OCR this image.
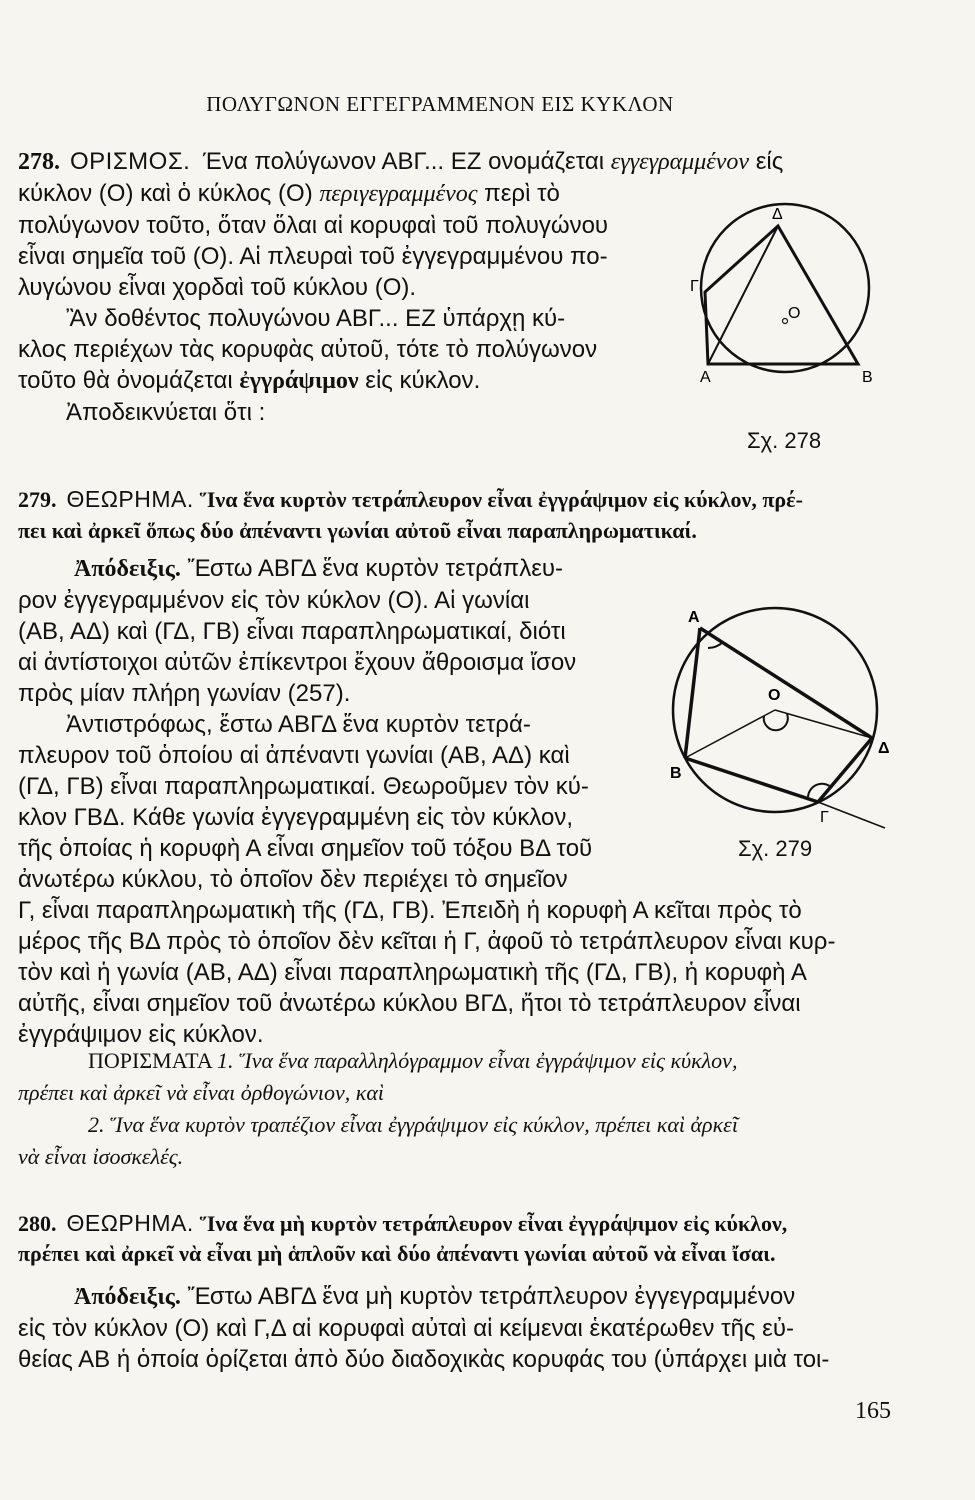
ΠΟΛΥΓΩΝΟΝ ΕΓΓΕΓΡΑΜΜΕΝΟΝ ΕΙΣ ΚΥΚΛΟΝ
278. ΟΡΙΣΜΟΣ. Ένα πολύγωνον ΑΒΓ... ΕΖ ονομάζεται εγγεγραμμένον είς
κύκλον (Ο) καὶ ὁ κύκλος (Ο) περιγεγραμμένος περὶ τὸ
πολύγωνον τοῦτο, ὅταν ὅλαι αἱ κορυφαὶ τοῦ πολυγώνου
εἶναι σημεῖα τοῦ (Ο). Αἱ πλευραὶ τοῦ ἐγγεγραμμένου πο-
λυγώνου εἶναι χορδαὶ τοῦ κύκλου (Ο).
Ἂν δοθέντος πολυγώνου ΑΒΓ... ΕΖ ὑπάρχῃ κύ-
κλος περιέχων τὰς κορυφὰς αὐτοῦ, τότε τὸ πολύγωνον
τοῦτο θὰ ὀνομάζεται ἐγγράψιμον εἰς κύκλον.
Ἀποδεικνύεται ὅτι :
Δ
Γ
O
Α	Β
Σχ. 278
279. ΘΕΩΡΗΜΑ. Ἵνα ἕνα κυρτὸν τετράπλευρον εἶναι ἐγγράψιμον εἰς κύκλον, πρέ-
πει καὶ ἀρκεῖ ὅπως δύο ἀπέναντι γωνίαι αὐτοῦ εἶναι παραπληρωματικαί.
Ἀπόδειξις. Ἔστω ΑΒΓΔ ἕνα κυρτὸν τετράπλευ-
ρον ἐγγεγραμμένον εἰς τὸν κύκλον (Ο). Αἱ γωνίαι
(ΑΒ, ΑΔ) καὶ (ΓΔ, ΓΒ) εἶναι παραπληρωματικαί, διότι
αἱ ἀντίστοιχοι αὐτῶν ἐπίκεντροι ἔχουν ἄθροισμα ἴσον
πρὸς μίαν πλήρη γωνίαν (257).
Ἀντιστρόφως, ἔστω ΑΒΓΔ ἕνα κυρτὸν τετρά-
πλευρον τοῦ ὁποίου αἱ ἀπέναντι γωνίαι (ΑΒ, ΑΔ) καὶ
(ΓΔ, ΓΒ) εἶναι παραπληρωματικαί. Θεωροῦμεν τὸν κύ-
κλον ΓΒΔ. Κάθε γωνία ἐγγεγραμμένη εἰς τὸν κύκλον,
τῆς ὁποίας ἡ κορυφὴ Α εἶναι σημεῖον τοῦ τόξου ΒΔ τοῦ
ἀνωτέρω κύκλου, τὸ ὁποῖον δὲν περιέχει τὸ σημεῖον
Γ, εἶναι παραπληρωματικὴ τῆς (ΓΔ, ΓΒ). Ἐπειδὴ ἡ κορυφὴ Α κεῖται πρὸς τὸ
μέρος τῆς ΒΔ πρὸς τὸ ὁποῖον δὲν κεῖται ἡ Γ, ἀφοῦ τὸ τετράπλευρον εἶναι κυρ-
τὸν καὶ ἡ γωνία (ΑΒ, ΑΔ) εἶναι παραπληρωματικὴ τῆς (ΓΔ, ΓΒ), ἡ κορυφὴ Α
αὐτῆς, εἶναι σημεῖον τοῦ ἀνωτέρω κύκλου ΒΓΔ, ἤτοι τὸ τετράπλευρον εἶναι
ἐγγράψιμον εἰς κύκλον.
Α
Ο
Δ
Β
Γ
Σχ. 279
ΠΟΡΙΣΜΑΤΑ 1. Ἵνα ἕνα παραλληλόγραμμον εἶναι ἐγγράψιμον εἰς κύκλον,
πρέπει καὶ ἀρκεῖ νὰ εἶναι ὀρθογώνιον, καὶ
2. Ἵνα ἕνα κυρτὸν τραπέζιον εἶναι ἐγγράψιμον εἰς κύκλον, πρέπει καὶ ἀρκεῖ
νὰ εἶναι ἰσοσκελές.
280. ΘΕΩΡΗΜΑ. Ἵνα ἕνα μὴ κυρτὸν τετράπλευρον εἶναι ἐγγράψιμον εἰς κύκλον,
πρέπει καὶ ἀρκεῖ νὰ εἶναι μὴ ἁπλοῦν καὶ δύο ἀπέναντι γωνίαι αὐτοῦ νὰ εἶναι ἴσαι.
Ἀπόδειξις. Ἔστω ΑΒΓΔ ἕνα μὴ κυρτὸν τετράπλευρον ἐγγεγραμμένον
εἰς τὸν κύκλον (Ο) καὶ Γ,Δ αἱ κορυφαὶ αὐταὶ αἱ κείμεναι ἑκατέρωθεν τῆς εὐ-
θείας ΑΒ ἡ ὁποία ὁρίζεται ἀπὸ δύο διαδοχικὰς κορυφάς του (ὑπάρχει μιὰ τοι-
165
